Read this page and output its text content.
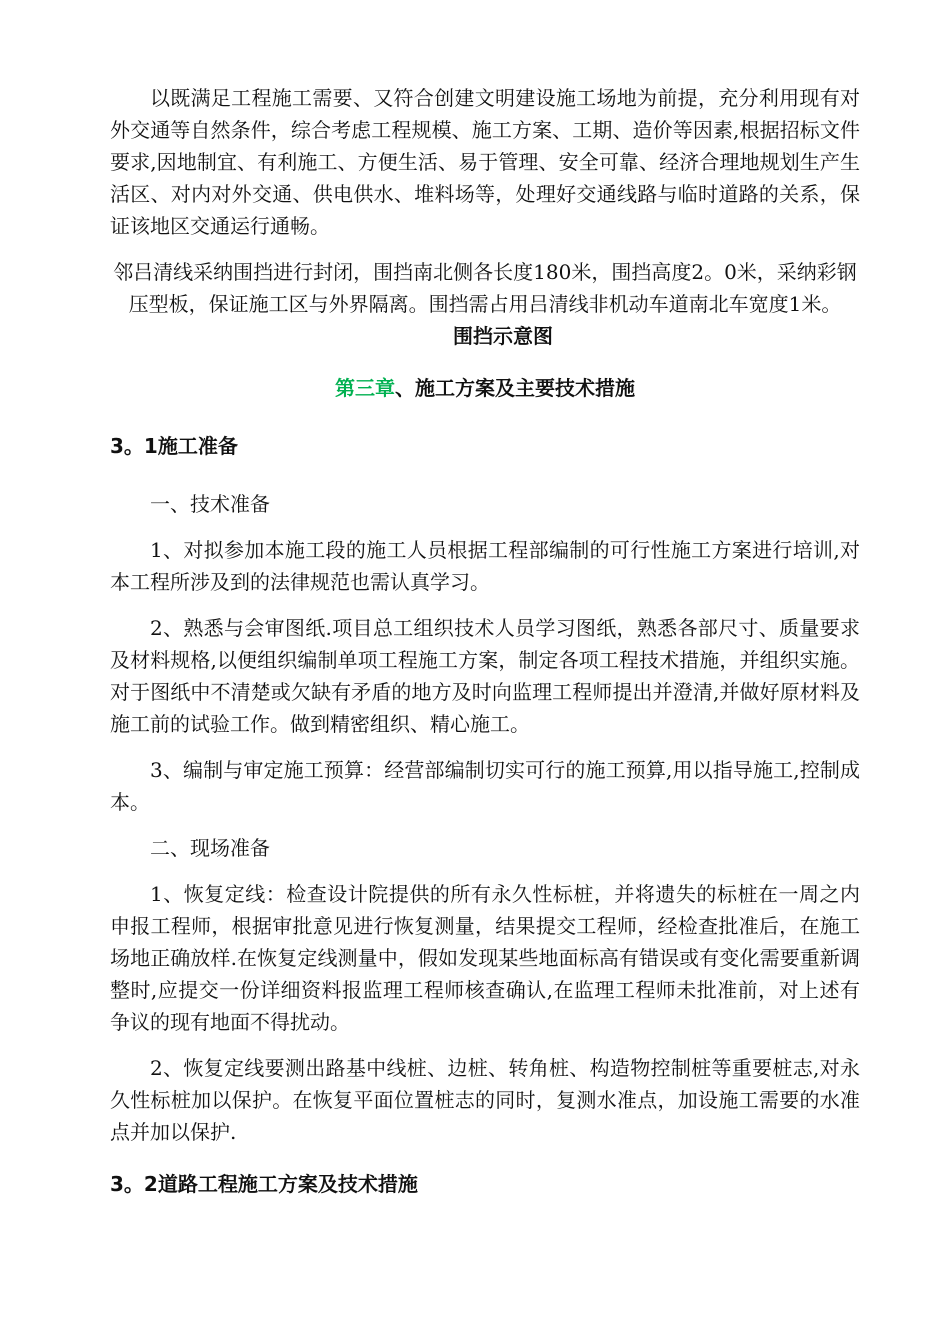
以既满足工程施工需要、又符合创建文明建设施工场地为前提，充分利用现有对外交通等自然条件，综合考虑工程规模、施工方案、工期、造价等因素,根据招标文件要求,因地制宜、有利施工、方便生活、易于管理、安全可靠、经济合理地规划生产生活区、对内对外交通、供电供水、堆料场等，处理好交通线路与临时道路的关系，保证该地区交通运行通畅。

邻吕清线采纳围挡进行封闭，围挡南北侧各长度180米，围挡高度2。0米，采纳彩钢压型板，保证施工区与外界隔离。围挡需占用吕清线非机动车道南北车宽度1米。围挡示意图

第三章、施工方案及主要技术措施

3。1施工准备

一、技术准备

1、对拟参加本施工段的施工人员根据工程部编制的可行性施工方案进行培训,对本工程所涉及到的法律规范也需认真学习。

2、熟悉与会审图纸.项目总工组织技术人员学习图纸，熟悉各部尺寸、质量要求及材料规格,以便组织编制单项工程施工方案，制定各项工程技术措施，并组织实施。对于图纸中不清楚或欠缺有矛盾的地方及时向监理工程师提出并澄清,并做好原材料及施工前的试验工作。做到精密组织、精心施工。

3、编制与审定施工预算：经营部编制切实可行的施工预算,用以指导施工,控制成本。

二、现场准备

1、恢复定线：检查设计院提供的所有永久性标桩，并将遗失的标桩在一周之内申报工程师，根据审批意见进行恢复测量，结果提交工程师，经检查批准后，在施工场地正确放样.在恢复定线测量中，假如发现某些地面标高有错误或有变化需要重新调整时,应提交一份详细资料报监理工程师核查确认,在监理工程师未批准前，对上述有争议的现有地面不得扰动。

2、恢复定线要测出路基中线桩、边桩、转角桩、构造物控制桩等重要桩志,对永久性标桩加以保护。在恢复平面位置桩志的同时，复测水准点，加设施工需要的水准点并加以保护.

3。2道路工程施工方案及技术措施
